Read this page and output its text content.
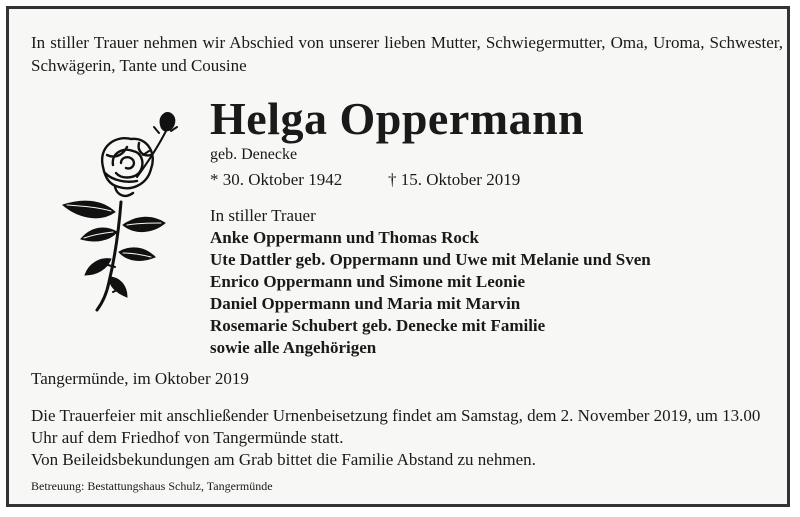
In stiller Trauer nehmen wir Abschied von unserer lieben Mutter, Schwiegermutter, Oma, Uroma, Schwester, Schwägerin, Tante und Cousine
Helga Oppermann
geb. Denecke
* 30. Oktober 1942	† 15. Oktober 2019
In stiller Trauer
Anke Oppermann und Thomas Rock
Ute Dattler geb. Oppermann und Uwe mit Melanie und Sven
Enrico Oppermann und Simone mit Leonie
Daniel Oppermann und Maria mit Marvin
Rosemarie Schubert geb. Denecke mit Familie
sowie alle Angehörigen
Tangermünde, im Oktober 2019
Die Trauerfeier mit anschließender Urnenbeisetzung findet am Samstag, dem 2. November 2019, um 13.00 Uhr auf dem Friedhof von Tangermünde statt.
Von Beileidsbekundungen am Grab bittet die Familie Abstand zu nehmen.
Betreuung: Bestattungshaus Schulz, Tangermünde
